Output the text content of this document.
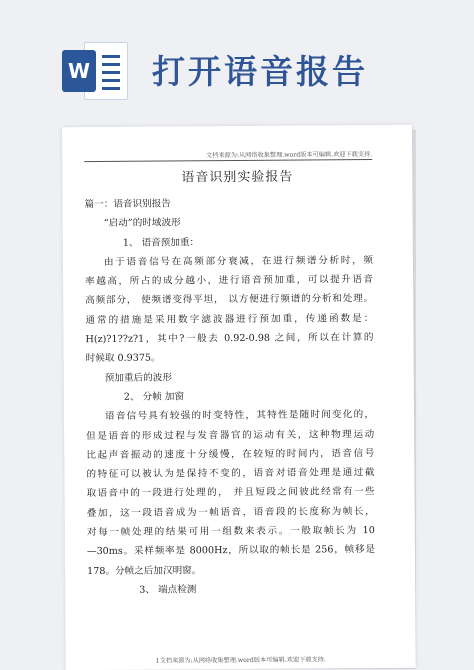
W 打开语音报告
文档来源为:从网络收集整理.word版本可编辑.欢迎下载支持.
语音识别实验报告

篇一：语音识别报告

“启动”的时域波形

1、 语音预加重：

由于语音信号在高频部分衰减，在进行频谱分析时，频

率越高，所占的成分越小，进行语音预加重，可以提升语音

高频部分， 使频谱变得平坦， 以方便进行频谱的分析和处理。

通常的措施是采用数字滤波器进行预加重，传递函数是：

H(z)?1??z?1，其中?一般去 0.92-0.98 之间，所以在计算的

时候取 0.9375。

预加重后的波形

2、 分帧 加窗

语音信号具有较强的时变特性，其特性是随时间变化的，

但是语音的形成过程与发音器官的运动有关，这种物理运动

比起声音振动的速度十分缓慢，在较短的时间内，语音信号

的特征可以被认为是保持不变的，语音对语音处理是通过截

取语音中的一段进行处理的， 并且短段之间彼此经常有一些

叠加，这一段语音成为一帧语音，语音段的长度称为帧长，

对每一帧处理的结果可用一组数来表示。一般取帧长为 10

—30ms。采样频率是 8000Hz，所以取的帧长是 256，帧移是

178。分帧之后加汉明窗。

3、 端点检测

1文档来源为:从网络收集整理.word版本可编辑.欢迎下载支持.
